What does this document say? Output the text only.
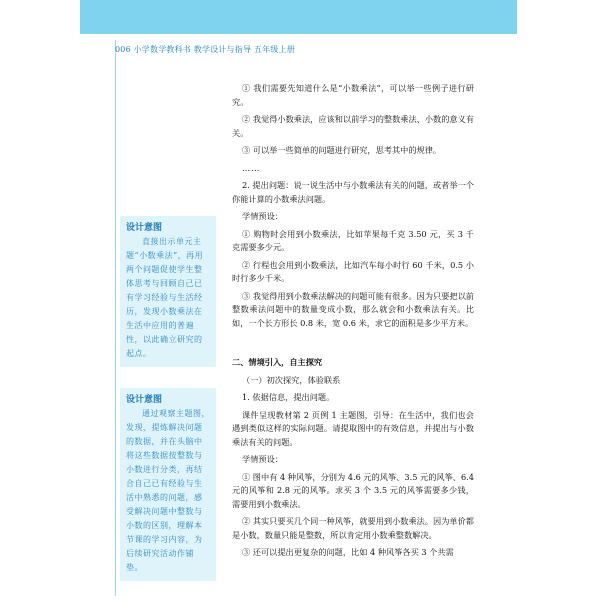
006 小学数学教科书 教学设计与指导 五年级上册
设计意图
直接出示单元主题“小数乘法”，再用两个问题促使学生整体思考与回顾自己已有学习经验与生活经历，发现小数乘法在生活中应用的普遍性，以此确立研究的起点。
设计意图
通过观察主题图，发现、提炼解决问题的数据，并在头脑中将这些数据按整数与小数进行分类，再结合自己已有经验与生活中熟悉的问题，感受解决问题中整数与小数的区别，理解本节课的学习内容，为后续研究活动作铺垫。

① 我们需要先知道什么是“小数乘法”，可以举一些例子进行研究。

② 我觉得小数乘法，应该和以前学习的整数乘法、小数的意义有关。

③ 可以举一些简单的问题进行研究，思考其中的规律。

……

2. 提出问题：说一说生活中与小数乘法有关的问题，或者举一个你能计算的小数乘法问题。

学情预设：

① 购物时会用到小数乘法，比如苹果每千克 3.50 元，买 3 千克需要多少元。

② 行程也会用到小数乘法，比如汽车每小时行 60 千米，0.5 小时行多少千米。

③ 我觉得用到小数乘法解决的问题可能有很多。因为只要把以前整数乘法问题中的数量变成小数，那么就会和小数乘法有关。比如，一个长方形长 0.8 米，宽 0.6 米，求它的面积是多少平方米。

二、情境引入，自主探究

（一）初次探究，体验联系

1. 依据信息，提出问题。

课件呈现教材第 2 页例 1 主题图，引导：在生活中，我们也会遇到类似这样的实际问题。请提取图中的有效信息，并提出与小数乘法有关的问题。

学情预设：

① 图中有 4 种风筝，分别为 4.6 元的风筝、3.5 元的风筝、6.4 元的风筝和 2.8 元的风筝。求买 3 个 3.5 元的风筝需要多少钱，需要用到小数乘法。

② 其实只要买几个同一种风筝，就要用到小数乘法。因为单价都是小数，数量只能是整数，所以肯定用小数乘整数解决。

③ 还可以提出更复杂的问题，比如 4 种风筝各买 3 个共需
